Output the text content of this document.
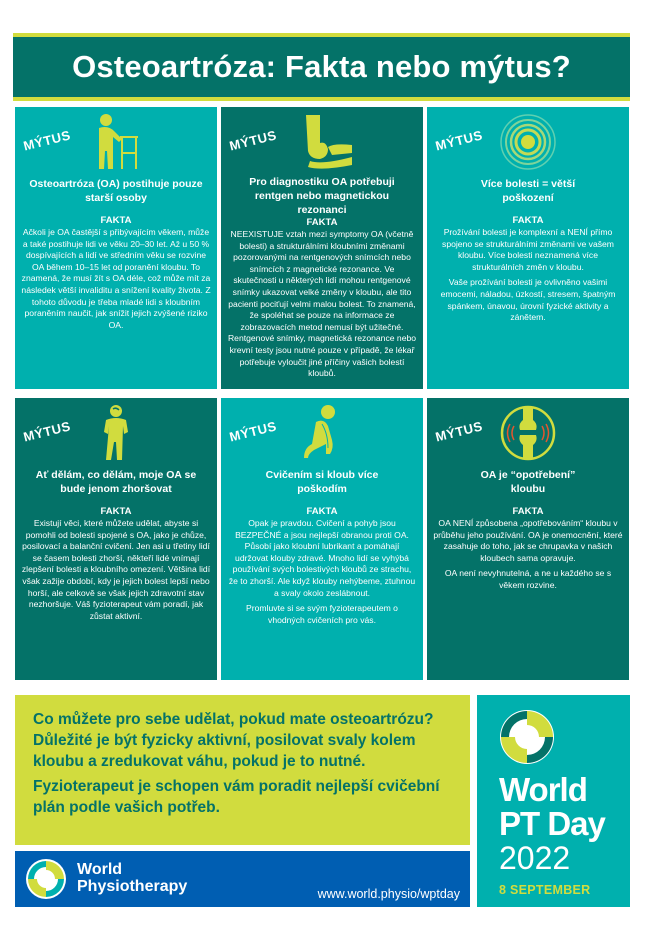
Osteoartróza: Fakta nebo mýtus?
MÝTUS
Osteoartróza (OA) postihuje pouze starší osoby
FAKTA
Ačkoli je OA častější s přibývajícím věkem, může a také postihuje lidi ve věku 20–30 let. Až u 50 % dospívajících a lidí ve středním věku se rozvine OA během 10–15 let od poranění kloubu. To znamená, že musí žít s OA déle, což může mít za následek větší invaliditu a snížení kvality života. Z tohoto důvodu je třeba mladé lidi s kloubním poraněním naučit, jak snížit jejich zvýšené riziko OA.
MÝTUS
Pro diagnostiku OA potřebuji rentgen nebo magnetickou rezonanci
FAKTA
NEEXISTUJE vztah mezi symptomy OA (včetně bolesti) a strukturálními kloubními změnami pozorovanými na rentgenových snímcích nebo snímcích z magnetické rezonance. Ve skutečnosti u některých lidí mohou rentgenové snímky ukazovat velké změny v kloubu, ale tito pacienti pociťují velmi malou bolest. To znamená, že spoléhat se pouze na informace ze zobrazovacích metod nemusí být užitečné. Rentgenové snímky, magnetická rezonance nebo krevní testy jsou nutné pouze v případě, že lékař potřebuje vyloučit jiné příčiny vašich bolestí kloubů.
MÝTUS
Více bolesti = větší poškození
FAKTA
Prožívání bolesti je komplexní a NENÍ přímo spojeno se strukturálními změnami ve vašem kloubu. Více bolesti neznamená více strukturálních změn v kloubu.
Vaše prožívání bolesti je ovlivněno vašimi emocemi, náladou, úzkostí, stresem, špatným spánkem, únavou, úrovní fyzické aktivity a zánětem.
MÝTUS
Ať dělám, co dělám, moje OA se bude jenom zhoršovat
FAKTA
Existují věci, které můžete udělat, abyste si pomohli od bolesti spojené s OA, jako je chůze, posilovací a balanční cvičení. Jen asi u třetiny lidí se časem bolesti zhorší, někteří lidé vnímají zlepšení bolesti a kloubního omezení. Většina lidí však zažije období, kdy je jejich bolest lepší nebo horší, ale celkově se však jejich zdravotní stav nezhoršuje. Váš fyzioterapeut vám poradí, jak zůstat aktivní.
MÝTUS
Cvičením si kloub více poškodím
FAKTA
Opak je pravdou. Cvičení a pohyb jsou BEZPEČNÉ a jsou nejlepší obranou proti OA. Působí jako kloubní lubrikant a pomáhají udržovat klouby zdravé. Mnoho lidí se vyhýbá používání svých bolestivých kloubů ze strachu, že to zhorší. Ale když klouby nehýbeme, ztuhnou a svaly okolo zeslábnout.
Promluvte si se svým fyzioterapeutem o vhodných cvičeních pro vás.
MÝTUS
OA je “opotřebení” kloubu
FAKTA
OA NENÍ způsobena „opotřebováním“ kloubu v průběhu jeho používání. OA je onemocnění, které zasahuje do toho, jak se chrupavka v našich kloubech sama opravuje.
OA není nevyhnutelná, a ne u každého se s věkem rozvine.

Co můžete pro sebe udělat, pokud mate osteoartrózu? Důležité je být fyzicky aktivní, posilovat svaly kolem kloubu a zredukovat váhu, pokud je to nutné.

Fyzioterapeut je schopen vám poradit nejlepší cvičební plán podle vašich potřeb.

World
Physiotherapy	www.world.physio/wptday
World
PT Day
2022
8 SEPTEMBER
